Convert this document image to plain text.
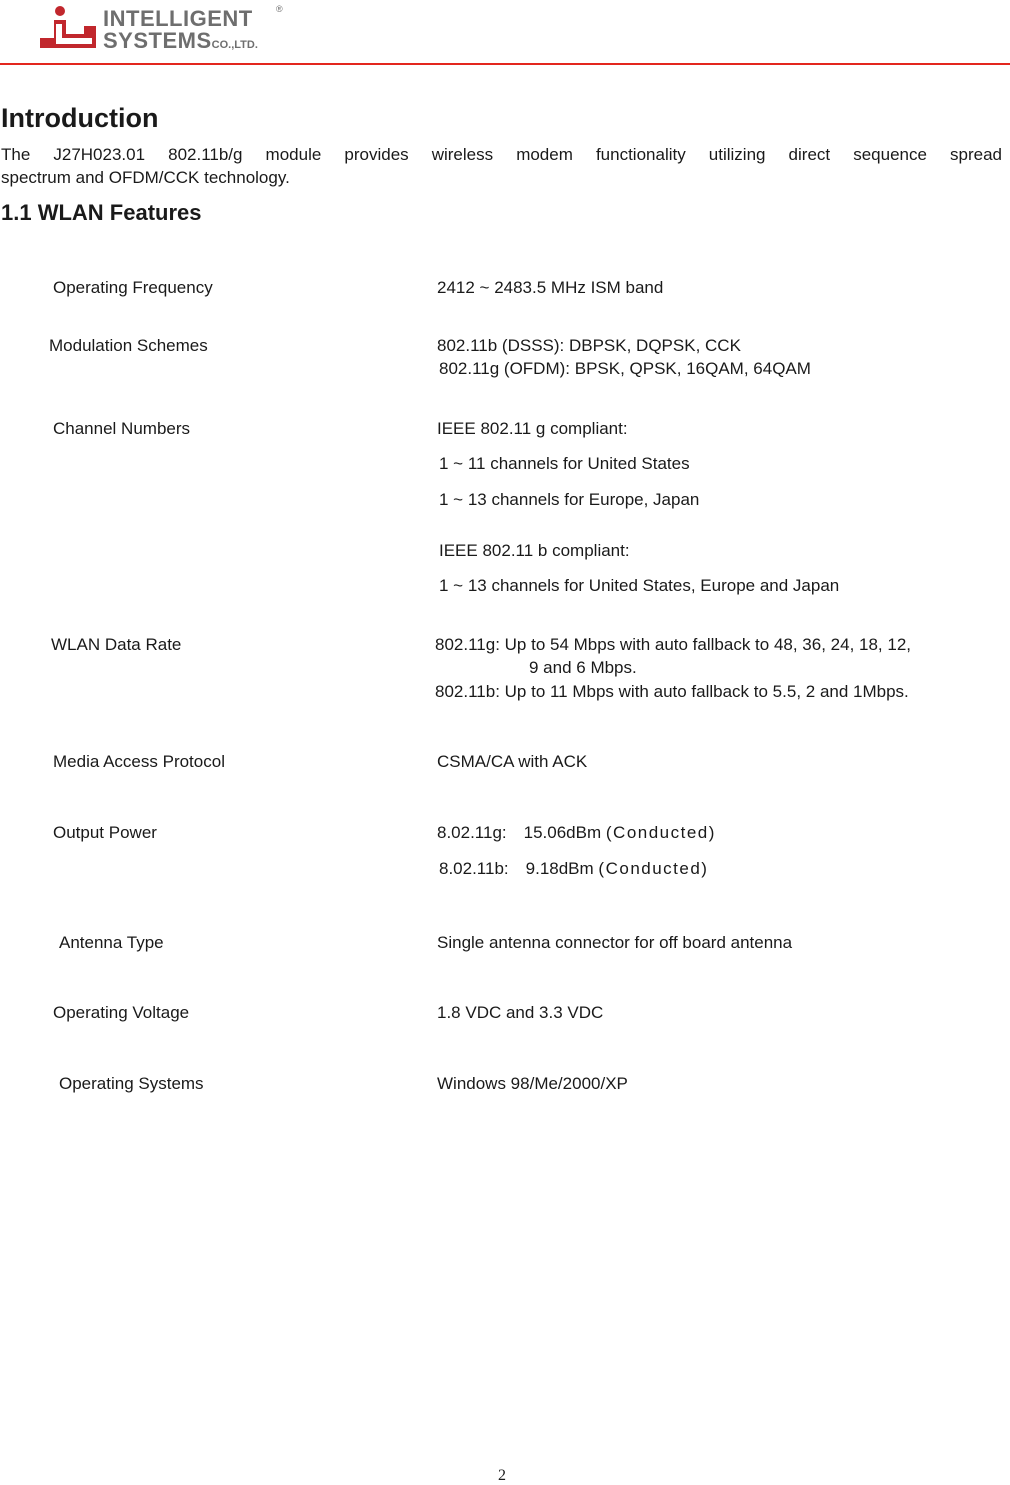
INTELLIGENT
SYSTEMSCO.,LTD.
®
Introduction
The J27H023.01 802.11b/g module provides wireless modem functionality utilizing direct sequence spread
spectrum and OFDM/CCK technology.
1.1 WLAN Features
Operating Frequency	2412 ~ 2483.5 MHz ISM band
Modulation Schemes	802.11b (DSSS): DBPSK, DQPSK, CCK
802.11g (OFDM): BPSK, QPSK, 16QAM, 64QAM
Channel Numbers	IEEE 802.11 g compliant:
1 ~ 11 channels for United States
1 ~ 13 channels for Europe, Japan
IEEE 802.11 b compliant:
1 ~ 13 channels for United States, Europe and Japan
WLAN Data Rate	802.11g: Up to 54 Mbps with auto fallback to 48, 36, 24, 18, 12,
9 and 6 Mbps.
802.11b: Up to 11 Mbps with auto fallback to 5.5, 2 and 1Mbps.
Media Access Protocol	CSMA/CA with ACK
Output Power	8.02.11g: 15.06dBm (Conducted)
8.02.11b: 9.18dBm (Conducted)
Antenna Type	Single antenna connector for off board antenna
Operating Voltage	1.8 VDC and 3.3 VDC
Operating Systems	Windows 98/Me/2000/XP
2
